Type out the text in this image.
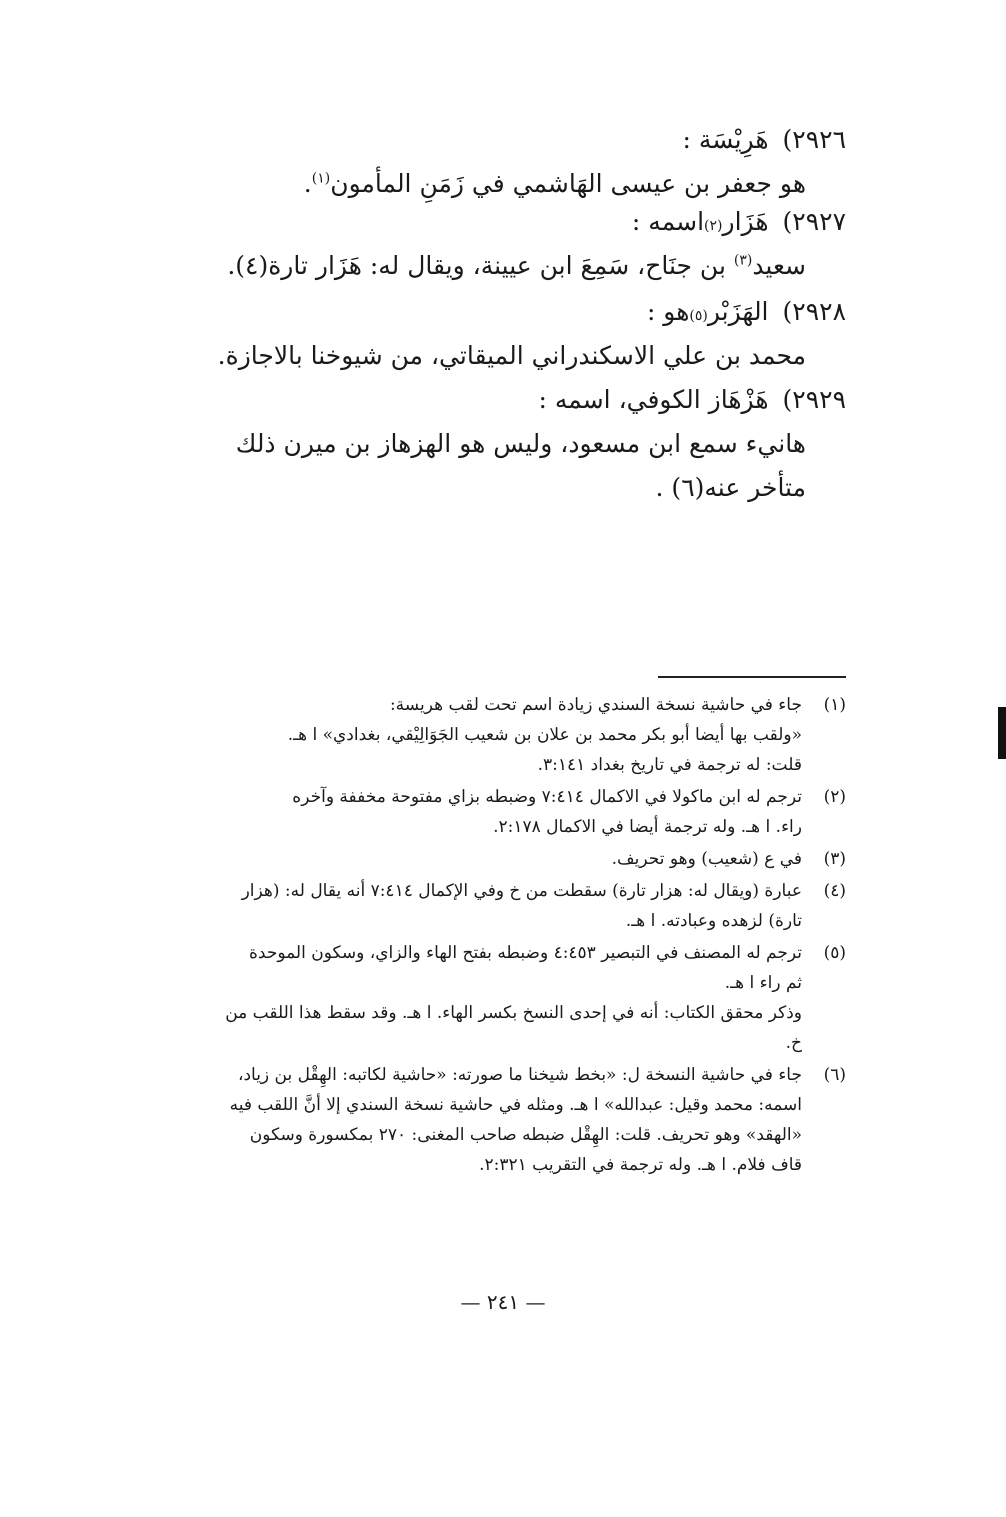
٢٩٢٦)
هَرِيْسَة :
هو جعفر بن عيسى الهَاشمي في زَمَنِ المأمون$^{(١)}$.
٢٩٢٧)
هَزَار
(٢)
اسمه :
سعيد$^{(٣)}$ بن جنَاح، سَمِعَ ابن عيينة، ويقال له: هَزَار تارة(٤).
٢٩٢٨)
الهَزَبْر
(٥)
هو :
محمد بن علي الاسكندراني الميقاتي، من شيوخنا بالاجازة.
٢٩٢٩)
هَزْهَاز الكوفي، اسمه :
هانيء سمع ابن مسعود، وليس هو الهزهاز بن ميرن ذلك
متأخر عنه(٦) .
(١)
جاء في حاشية نسخة السندي زيادة اسم تحت لقب هريسة:
«ولقب بها أيضا أبو بكر محمد بن علان بن شعيب الجَوَالِيْقي، بغدادي» ا هـ.
قلت: له ترجمة في تاريخ بغداد ٣:١٤١.
(٢)
ترجم له ابن ماكولا في الاكمال ٧:٤١٤ وضبطه بزاي مفتوحة مخففة وآخره
راء. ا هـ. وله ترجمة أيضا في الاكمال ٢:١٧٨.
(٣)
في ع (شعيب) وهو تحريف.
(٤)
عبارة (ويقال له: هزار تارة) سقطت من خ وفي الإكمال ٧:٤١٤ أنه يقال له: (هزار
تارة) لزهده وعبادته. ا هـ.
(٥)
ترجم له المصنف في التبصير ٤:٤٥٣ وضبطه بفتح الهاء والزاي، وسكون الموحدة
ثم راء ا هـ.
وذكر محقق الكتاب: أنه في إحدى النسخ بكسر الهاء. ا هـ. وقد سقط هذا اللقب من
خ.
(٦)
جاء في حاشية النسخة ل: «بخط شيخنا ما صورته: «حاشية لكاتبه: الهِقْل بن زياد،
اسمه: محمد وقيل: عبدالله» ا هـ. ومثله في حاشية نسخة السندي إلا أنَّ اللقب فيه
«الهقد» وهو تحريف. قلت: الهِقْل ضبطه صاحب المغنى: ٢٧٠ بمكسورة وسكون
قاف فلام. ا هـ. وله ترجمة في التقريب ٢:٣٢١.
— ٢٤١ —
